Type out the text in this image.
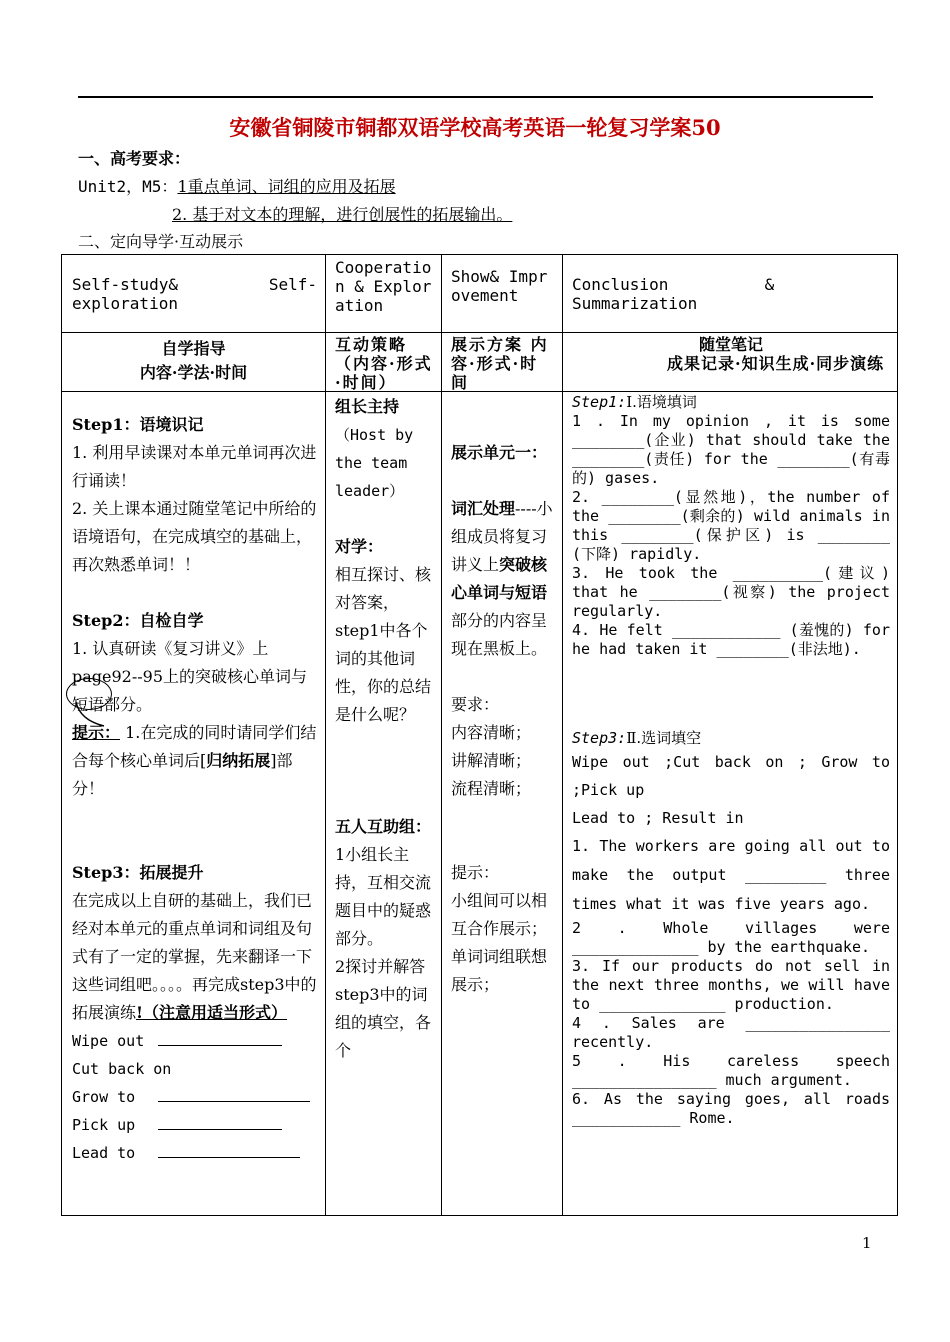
安徽省铜陵市铜都双语学校高考英语一轮复习学案50
一、高考要求：
Unit2，M5：1重点单词、词组的应用及拓展
2. 基于对文本的理解，进行创展性的拓展输出。
二、定向导学·互动展示
Self-study& Self-exploration
Cooperation & Exploration
Show& Improvement
Conclusion          &
Summarization
自学指导
内容·学法·时间
互动策略（内容·形式·时间）
展示方案 内容·形式·时间
随堂笔记
成果记录·知识生成·同步演练
Step1：语境识记
1. 利用早读课对本单元单词再次进行诵读！
2. 关上课本通过随堂笔记中所给的语境语句，在完成填空的基础上，再次熟悉单词！！
Step2：自检自学
1. 认真研读《复习讲义》上page92--95上的突破核心单词与短语部分。
提示： 1.在完成的同时请同学们结合每个核心单词后[归纳拓展]部分！
Step3：拓展提升
在完成以上自研的基础上，我们已经对本单元的重点单词和词组及句式有了一定的掌握，先来翻译一下这些词组吧。。。。再完成step3中的拓展演练!（注意用适当形式）
Wipe out
Cut back on
Grow to
Pick up
Lead to
组长主持
（Host by the team leader）
对学：
相互探讨、核对答案，step1中各个词的其他词性，你的总结是什么呢？
五人互助组：
1小组长主持，互相交流题目中的疑惑部分。
2探讨并解答step3中的词组的填空，各个
展示单元一：
词汇处理----小组成员将复习讲义上突破核心单词与短语部分的内容呈现在黑板上。
要求：
内容清晰；
讲解清晰；
流程清晰；
提示：
小组间可以相互合作展示；
单词词组联想展示；
Step1:Ⅰ.语境填词
1 . In my opinion , it is some ________(企业) that should take the ________(责任) for the ________(有毒的) gases.
2. ________(显然地)，the number of the ________(剩余的) wild animals in this ________(保护区) is ________ (下降) rapidly.
3. He took the __________(建议) that he ________(视察) the project regularly.
4. He felt ____________ (羞愧的) for he had taken it ________(非法地).
Step3:Ⅱ.选词填空
Wipe out ;Cut back on ; Grow to ;Pick up
Lead to ; Result in
1. The workers are going all out to make the output _________ three times what it was five years ago.
2 . Whole villages were ______________ by the earthquake.
3. If our products do not sell in the next three months, we will have to ______________ production.
4 . Sales are ________________ recently.
5 . His careless speech ________________ much argument.
6. As the saying goes, all roads ____________ Rome.
1
